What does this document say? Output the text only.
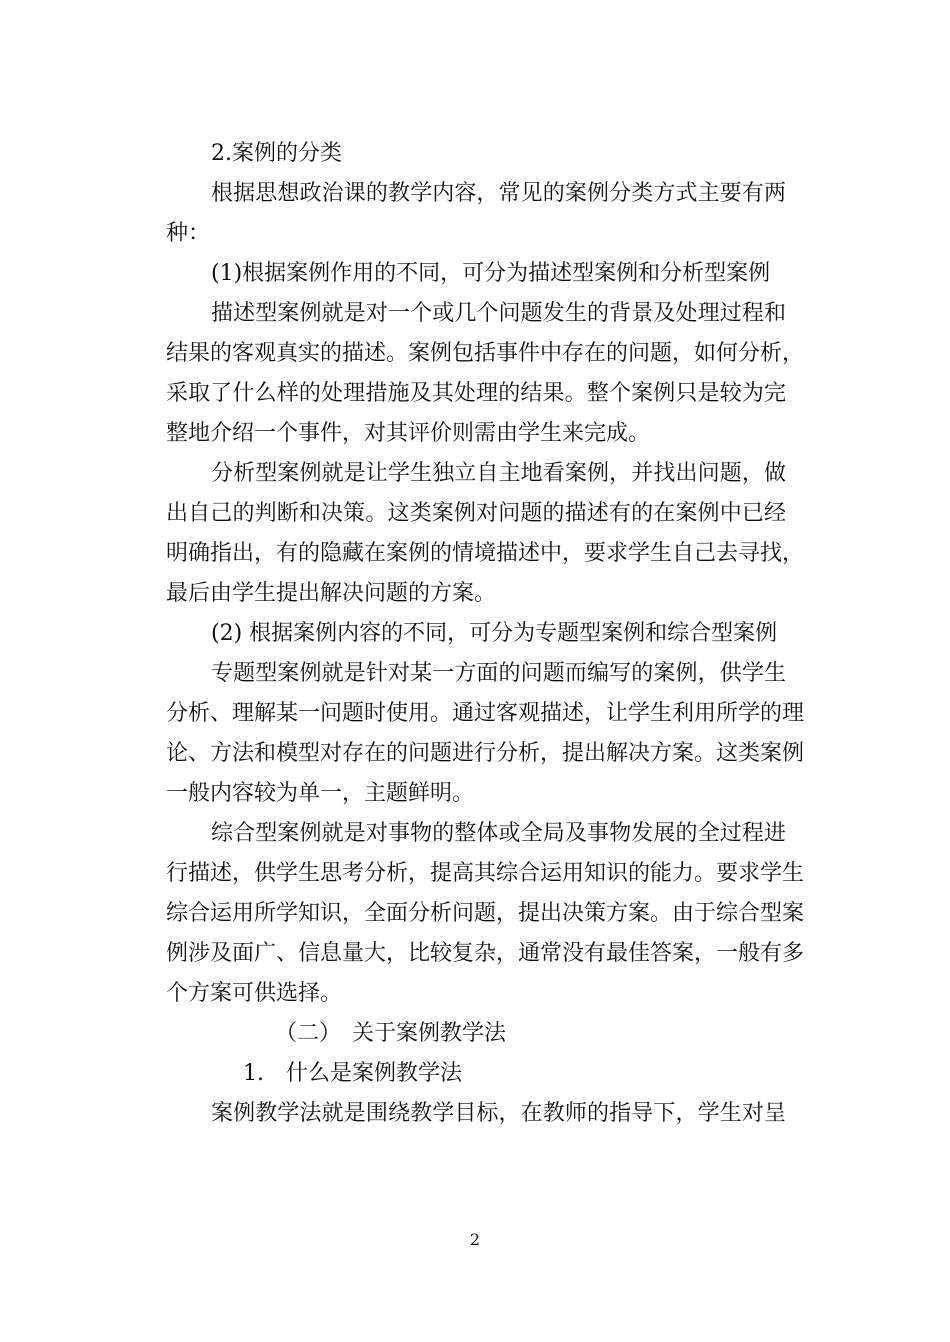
2.案例的分类
根据思想政治课的教学内容，常见的案例分类方式主要有两
种：
(1)根据案例作用的不同，可分为描述型案例和分析型案例
描述型案例就是对一个或几个问题发生的背景及处理过程和
结果的客观真实的描述。案例包括事件中存在的问题，如何分析，
采取了什么样的处理措施及其处理的结果。整个案例只是较为完
整地介绍一个事件，对其评价则需由学生来完成。
分析型案例就是让学生独立自主地看案例，并找出问题，做
出自己的判断和决策。这类案例对问题的描述有的在案例中已经
明确指出，有的隐藏在案例的情境描述中，要求学生自己去寻找，
最后由学生提出解决问题的方案。
(2) 根据案例内容的不同，可分为专题型案例和综合型案例
专题型案例就是针对某一方面的问题而编写的案例，供学生
分析、理解某一问题时使用。通过客观描述，让学生利用所学的理
论、方法和模型对存在的问题进行分析，提出解决方案。这类案例
一般内容较为单一，主题鲜明。
综合型案例就是对事物的整体或全局及事物发展的全过程进
行描述，供学生思考分析，提高其综合运用知识的能力。要求学生
综合运用所学知识，全面分析问题，提出决策方案。由于综合型案
例涉及面广、信息量大，比较复杂，通常没有最佳答案，一般有多
个方案可供选择。
（二）　关于案例教学法
1.　什么是案例教学法
案例教学法就是围绕教学目标，在教师的指导下，学生对呈
2
